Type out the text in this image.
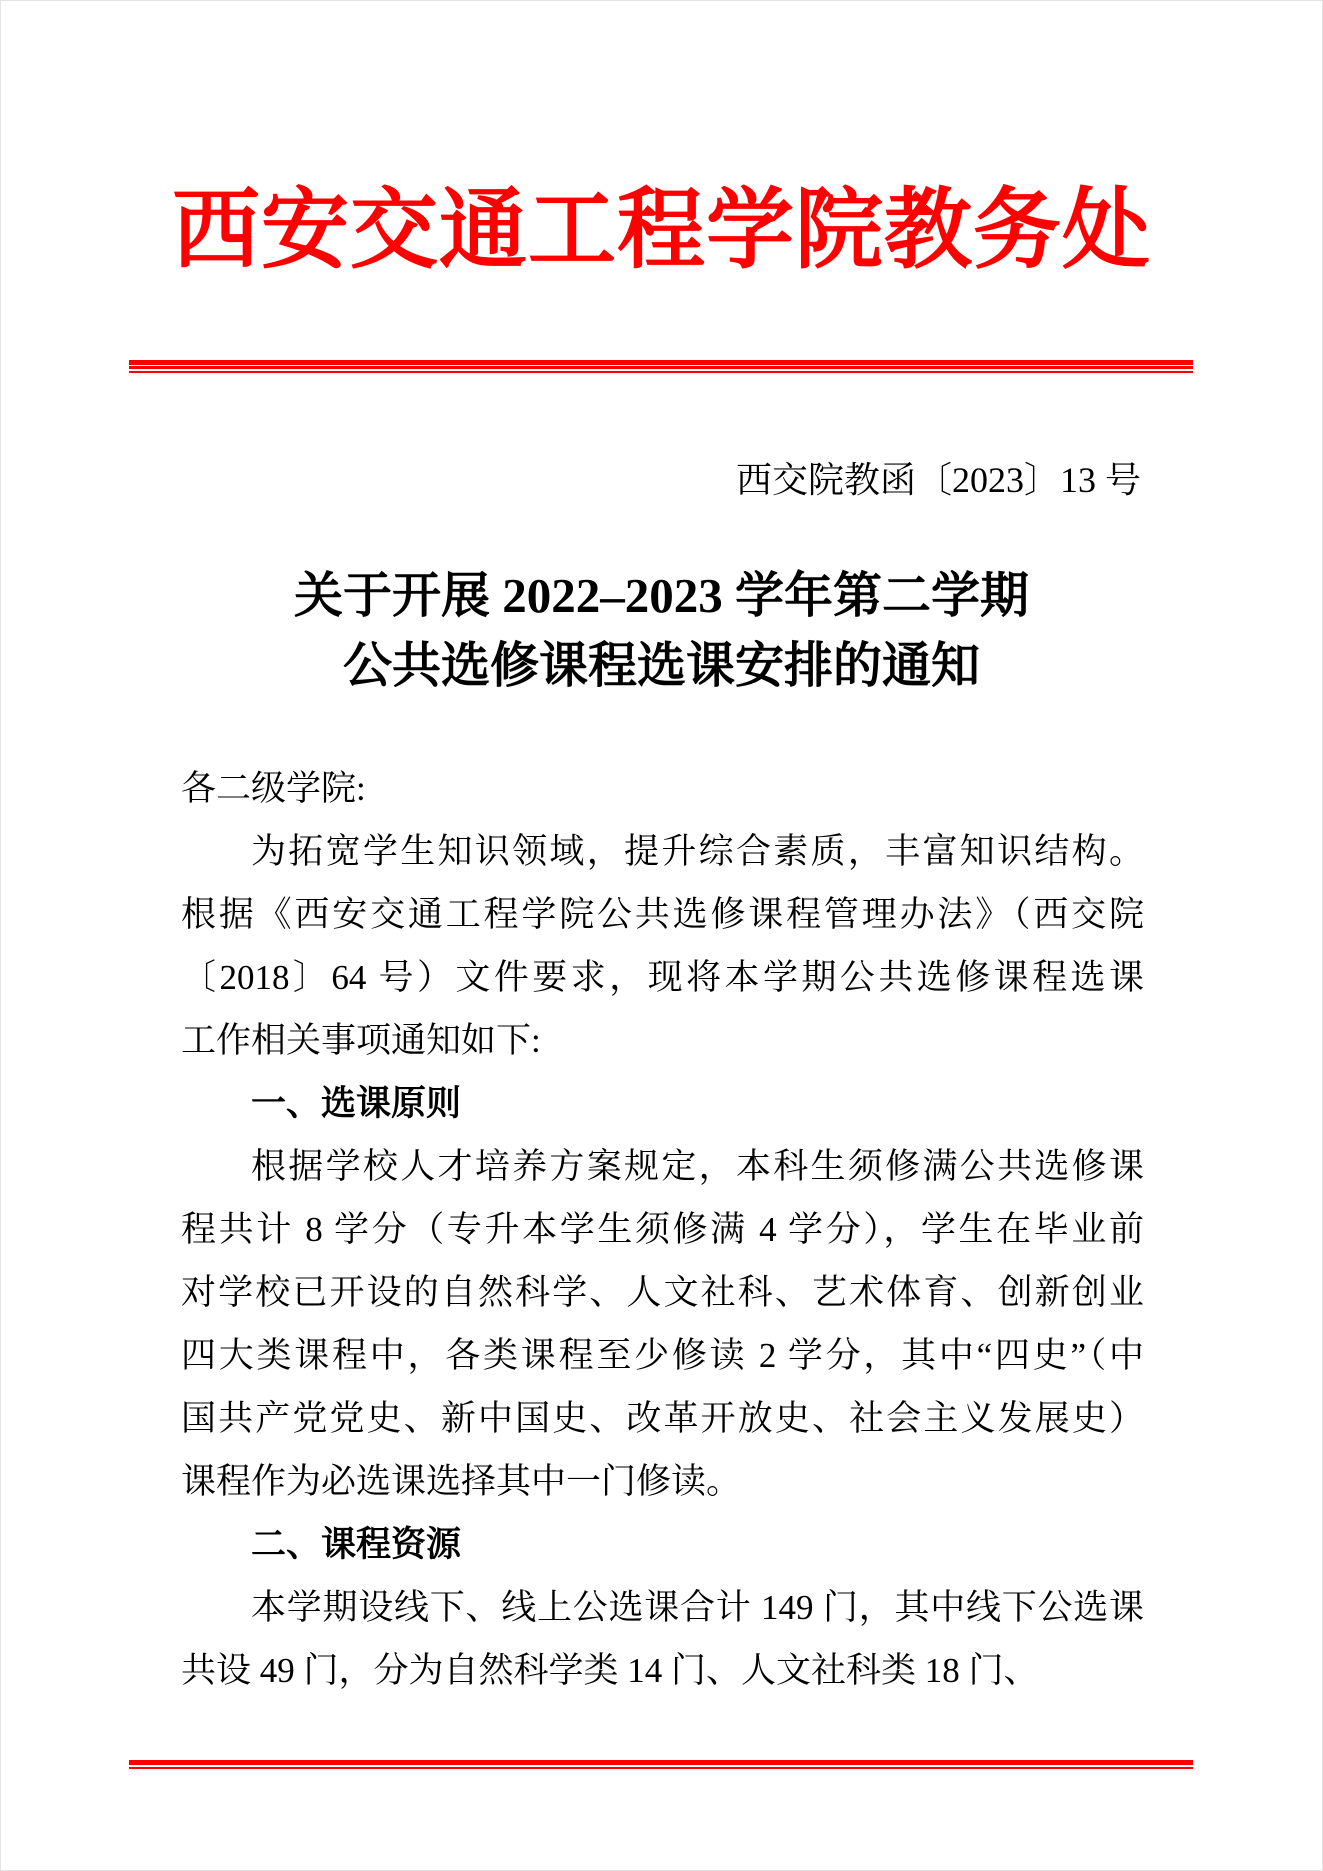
西安交通工程学院教务处
西交院教函〔2023〕13 号
关于开展 2022–2023 学年第二学期
公共选修课程选课安排的通知
各二级学院:
为拓宽学生知识领域，提升综合素质，丰富知识结构。
根据《西安交通工程学院公共选修课程管理办法》（西交院
〔2018〕64 号）文件要求，现将本学期公共选修课程选课
工作相关事项通知如下:
一、选课原则
根据学校人才培养方案规定，本科生须修满公共选修课
程共计 8 学分（专升本学生须修满 4 学分），学生在毕业前
对学校已开设的自然科学、人文社科、艺术体育、创新创业
四大类课程中，各类课程至少修读 2 学分，其中“四史”（中
国共产党党史、新中国史、改革开放史、社会主义发展史）
课程作为必选课选择其中一门修读。
二、课程资源
本学期设线下、线上公选课合计 149 门，其中线下公选课
共设 49 门，分为自然科学类 14 门、人文社科类 18 门、
